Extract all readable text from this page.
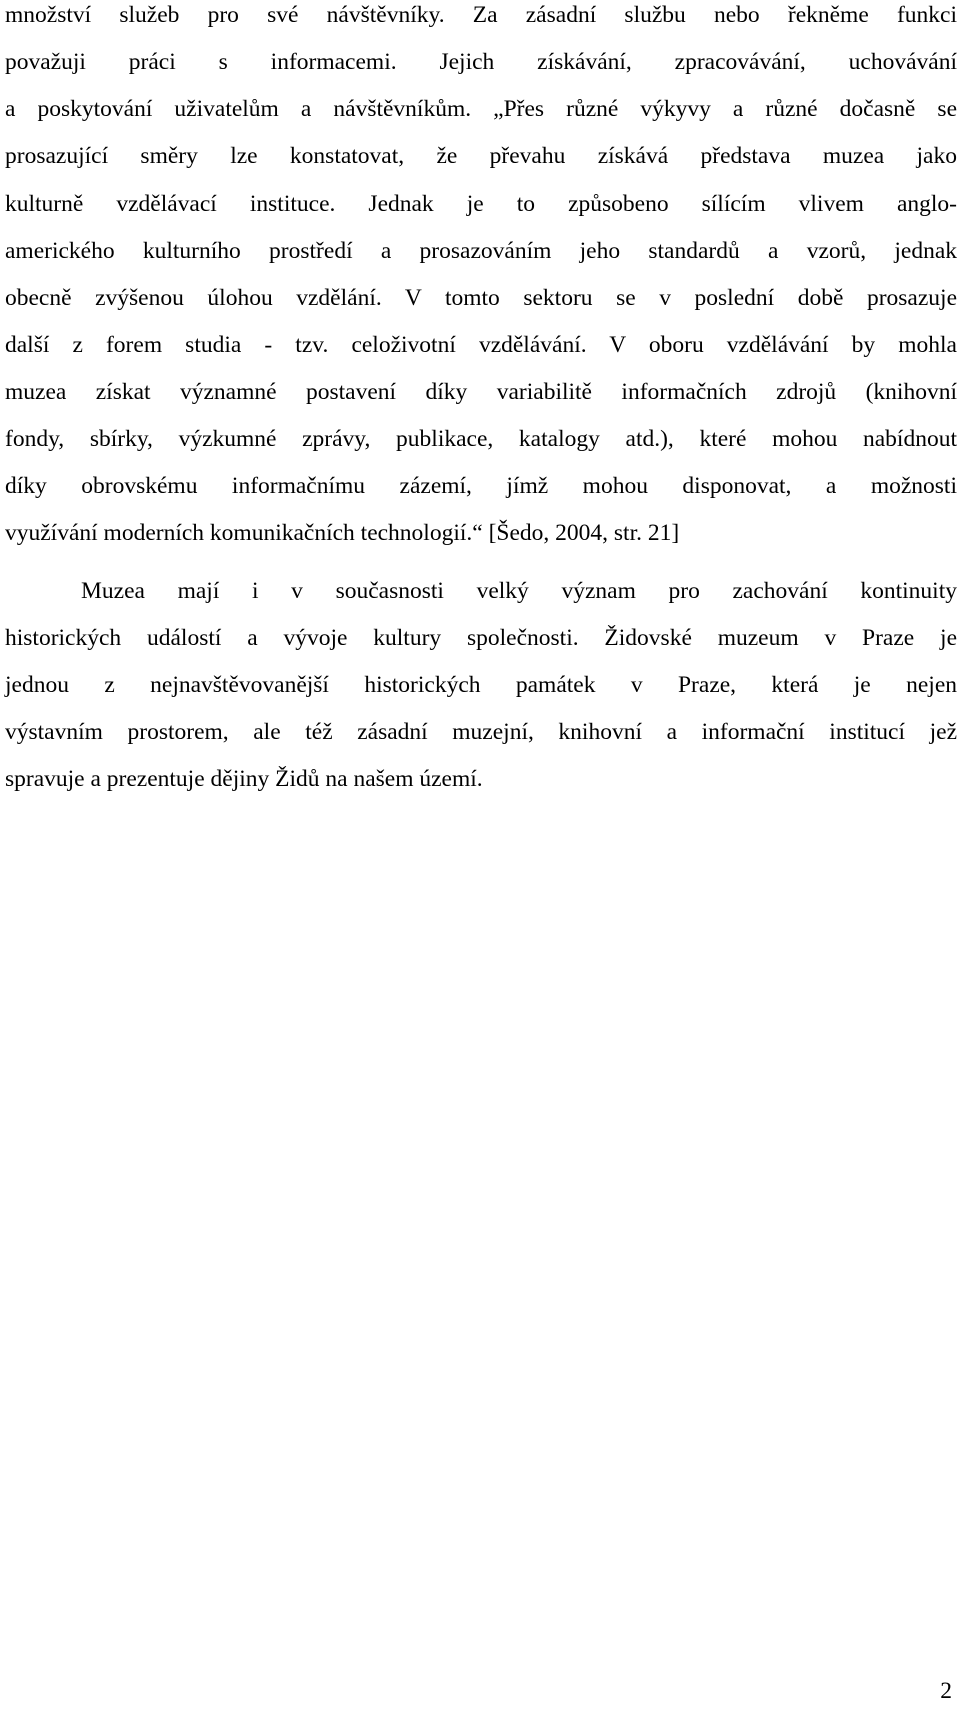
množství služeb pro své návštěvníky. Za zásadní službu nebo řekněme funkci
považuji práci s informacemi. Jejich získávání, zpracovávání, uchovávání
a poskytování uživatelům a návštěvníkům. „Přes různé výkyvy a různé dočasně se
prosazující směry lze konstatovat, že převahu získává představa muzea jako
kulturně vzdělávací instituce. Jednak je to způsobeno sílícím vlivem anglo-
amerického kulturního prostředí a prosazováním jeho standardů a vzorů, jednak
obecně zvýšenou úlohou vzdělání. V tomto sektoru se v poslední době prosazuje
další z forem studia - tzv. celoživotní vzdělávání. V oboru vzdělávání by mohla
muzea získat významné postavení díky variabilitě informačních zdrojů (knihovní
fondy, sbírky, výzkumné zprávy, publikace, katalogy atd.), které mohou nabídnout
díky obrovskému informačnímu zázemí, jímž mohou disponovat, a možnosti
využívání moderních komunikačních technologií.“ [Šedo, 2004, str. 21]
Muzea mají i v současnosti velký význam pro zachování kontinuity
historických událostí a vývoje kultury společnosti. Židovské muzeum v Praze je
jednou z nejnavštěvovanější historických památek v Praze, která je nejen
výstavním prostorem, ale též zásadní muzejní, knihovní a informační institucí jež
spravuje a prezentuje dějiny Židů na našem území.
2
